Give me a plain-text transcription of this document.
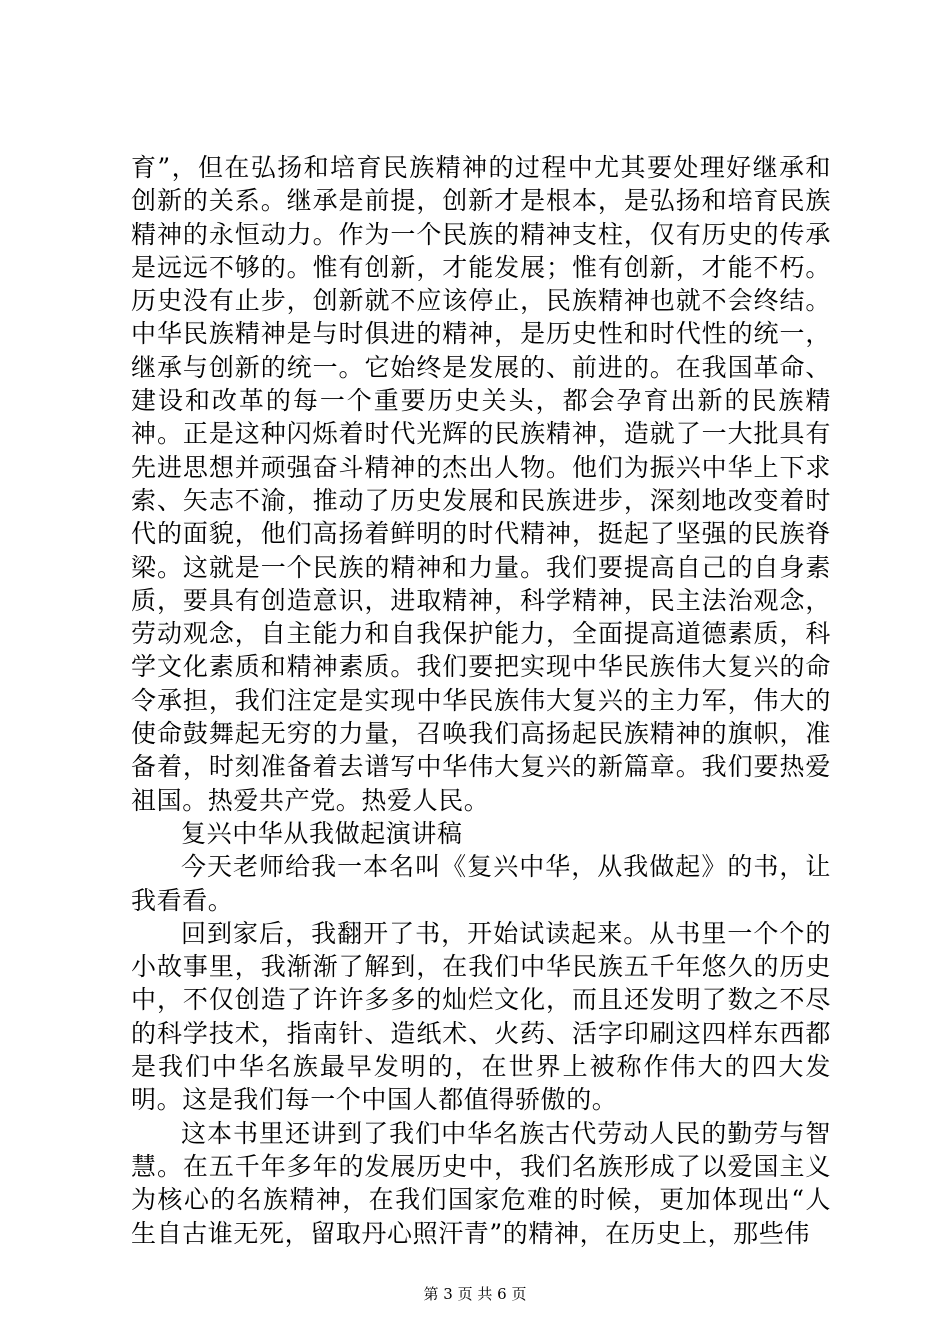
育”，但在弘扬和培育民族精神的过程中尤其要处理好继承和创新的关系。继承是前提，创新才是根本，是弘扬和培育民族精神的永恒动力。作为一个民族的精神支柱，仅有历史的传承是远远不够的。惟有创新，才能发展；惟有创新，才能不朽。历史没有止步，创新就不应该停止，民族精神也就不会终结。中华民族精神是与时俱进的精神，是历史性和时代性的统一，继承与创新的统一。它始终是发展的、前进的。在我国革命、建设和改革的每一个重要历史关头，都会孕育出新的民族精神。正是这种闪烁着时代光辉的民族精神，造就了一大批具有先进思想并顽强奋斗精神的杰出人物。他们为振兴中华上下求索、矢志不渝，推动了历史发展和民族进步，深刻地改变着时代的面貌，他们高扬着鲜明的时代精神，挺起了坚强的民族脊梁。这就是一个民族的精神和力量。我们要提高自己的自身素质，要具有创造意识，进取精神，科学精神，民主法治观念，劳动观念，自主能力和自我保护能力，全面提高道德素质，科学文化素质和精神素质。我们要把实现中华民族伟大复兴的命令承担，我们注定是实现中华民族伟大复兴的主力军，伟大的使命鼓舞起无穷的力量，召唤我们高扬起民族精神的旗帜，准备着，时刻准备着去谱写中华伟大复兴的新篇章。我们要热爱祖国。热爱共产党。热爱人民。

复兴中华从我做起演讲稿

今天老师给我一本名叫《复兴中华，从我做起》的书，让我看看。

回到家后，我翻开了书，开始试读起来。从书里一个个的小故事里，我渐渐了解到，在我们中华民族五千年悠久的历史中，不仅创造了许许多多的灿烂文化，而且还发明了数之不尽的科学技术，指南针、造纸术、火药、活字印刷这四样东西都是我们中华名族最早发明的，在世界上被称作伟大的四大发明。这是我们每一个中国人都值得骄傲的。

这本书里还讲到了我们中华名族古代劳动人民的勤劳与智慧。在五千年多年的发展历史中，我们名族形成了以爱国主义为核心的名族精神，在我们国家危难的时候，更加体现出“人生自古谁无死，留取丹心照汗青”的精神，在历史上，那些伟

第 3 页 共 6 页
